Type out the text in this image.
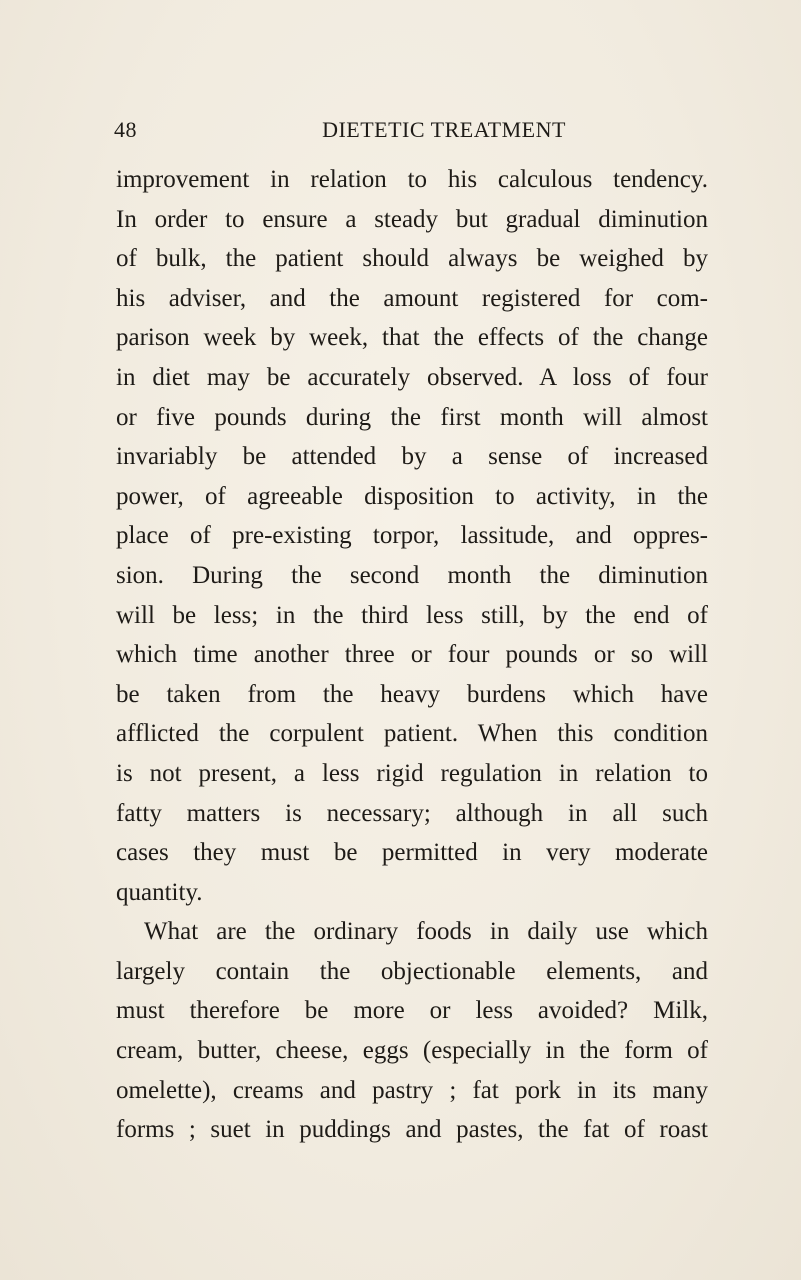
48	DIETETIC TREATMENT
improvement in relation to his calculous tendency.
In order to ensure a steady but gradual diminution
of bulk, the patient should always be weighed by
his adviser, and the amount registered for com-
parison week by week, that the effects of the change
in diet may be accurately observed. A loss of four
or five pounds during the first month will almost
invariably be attended by a sense of increased
power, of agreeable disposition to activity, in the
place of pre-existing torpor, lassitude, and oppres-
sion. During the second month the diminution
will be less; in the third less still, by the end of
which time another three or four pounds or so will
be taken from the heavy burdens which have
afflicted the corpulent patient. When this condition
is not present, a less rigid regulation in relation to
fatty matters is necessary; although in all such
cases they must be permitted in very moderate
quantity.
What are the ordinary foods in daily use which
largely contain the objectionable elements, and
must therefore be more or less avoided? Milk,
cream, butter, cheese, eggs (especially in the form of
omelette), creams and pastry ; fat pork in its many
forms ; suet in puddings and pastes, the fat of roast
